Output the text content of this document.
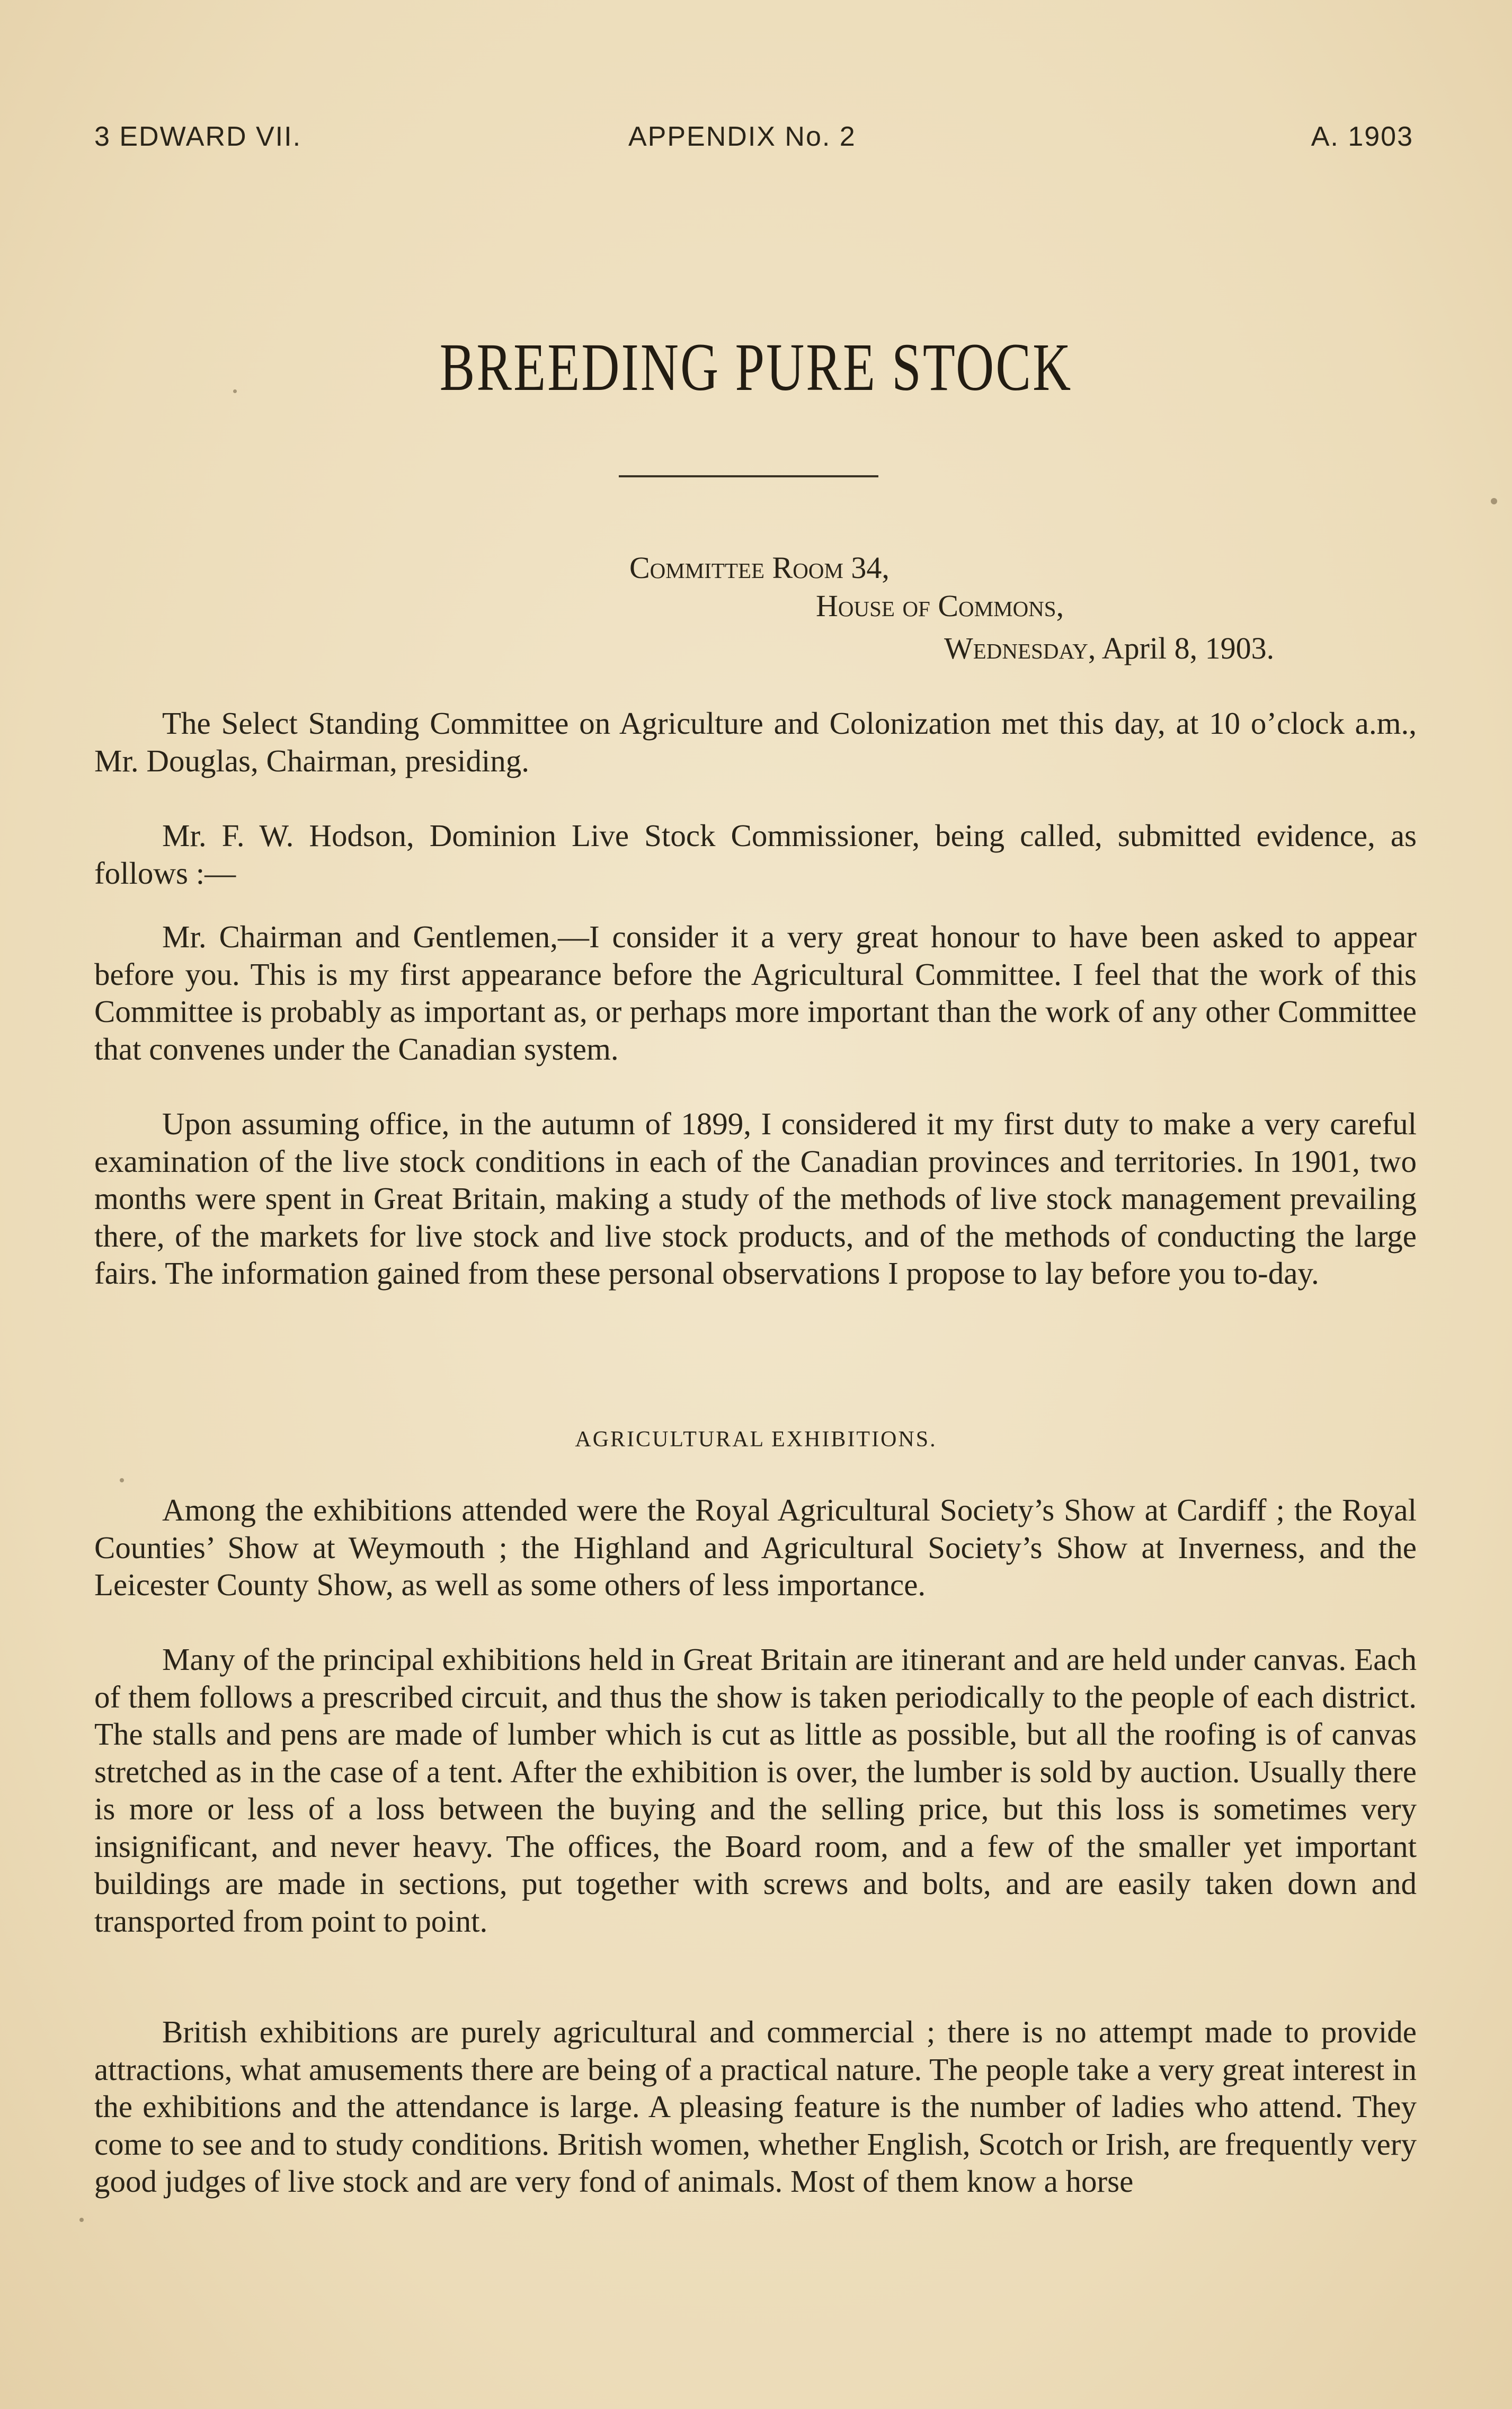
3 EDWARD VII.	APPENDIX No. 2	A. 1903
BREEDING PURE STOCK
Committee Room 34,
House of Commons,
Wednesday, April 8, 1903.

The Select Standing Committee on Agriculture and Colonization met this day, at 10 o’clock a.m., Mr. Douglas, Chairman, presiding.

Mr. F. W. Hodson, Dominion Live Stock Commissioner, being called, submitted evidence, as follows :—

Mr. Chairman and Gentlemen,—I consider it a very great honour to have been asked to appear before you. This is my first appearance before the Agricultural Committee. I feel that the work of this Committee is probably as important as, or perhaps more important than the work of any other Committee that convenes under the Canadian system.

Upon assuming office, in the autumn of 1899, I considered it my first duty to make a very careful examination of the live stock conditions in each of the Canadian provinces and territories. In 1901, two months were spent in Great Britain, making a study of the methods of live stock management prevailing there, of the markets for live stock and live stock products, and of the methods of conducting the large fairs. The information gained from these personal observations I propose to lay before you to-day.

AGRICULTURAL EXHIBITIONS.

Among the exhibitions attended were the Royal Agricultural Society’s Show at Cardiff ; the Royal Counties’ Show at Weymouth ; the Highland and Agricultural Society’s Show at Inverness, and the Leicester County Show, as well as some others of less importance.

Many of the principal exhibitions held in Great Britain are itinerant and are held under canvas. Each of them follows a prescribed circuit, and thus the show is taken periodically to the people of each district. The stalls and pens are made of lumber which is cut as little as possible, but all the roofing is of canvas stretched as in the case of a tent. After the exhibition is over, the lumber is sold by auction. Usually there is more or less of a loss between the buying and the selling price, but this loss is sometimes very insignificant, and never heavy. The offices, the Board room, and a few of the smaller yet important buildings are made in sections, put together with screws and bolts, and are easily taken down and transported from point to point.

British exhibitions are purely agricultural and commercial ; there is no attempt made to provide attractions, what amusements there are being of a practical nature. The people take a very great interest in the exhibitions and the attendance is large. A pleasing feature is the number of ladies who attend. They come to see and to study conditions. British women, whether English, Scotch or Irish, are frequently very good judges of live stock and are very fond of animals. Most of them know a horse
